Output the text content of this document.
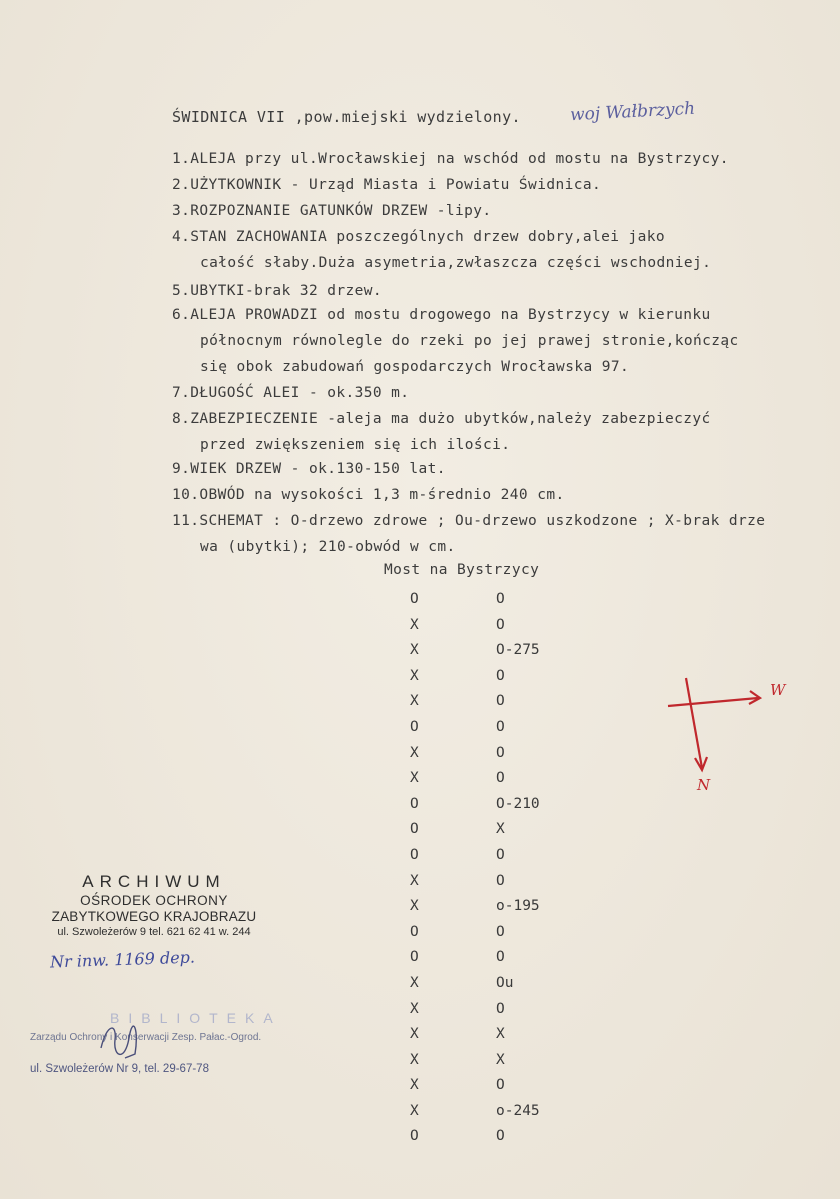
ŚWIDNICA VII ,pow.miejski wydzielony.	woj Wałbrzych
1.ALEJA przy ul.Wrocławskiej na wschód od mostu na Bystrzycy.
2.UŻYTKOWNIK - Urząd Miasta i Powiatu Świdnica.
3.ROZPOZNANIE GATUNKÓW DRZEW -lipy.
4.STAN ZACHOWANIA poszczególnych drzew dobry,alei jako
całość słaby.Duża asymetria,zwłaszcza części wschodniej.
5.UBYTKI-brak 32 drzew.
6.ALEJA PROWADZI od mostu drogowego na Bystrzycy w kierunku
północnym równolegle do rzeki po jej prawej stronie,kończąc
się obok zabudowań gospodarczych Wrocławska 97.
7.DŁUGOŚĆ ALEI - ok.350 m.
8.ZABEZPIECZENIE -aleja ma dużo ubytków,należy zabezpieczyć
przed zwiększeniem się ich ilości.
9.WIEK DRZEW - ok.130-150 lat.
10.OBWÓD na wysokości 1,3 m-średnio 240 cm.
11.SCHEMAT : O-drzewo zdrowe ; Ou-drzewo uszkodzone ; X-brak drze
wa (ubytki); 210-obwód w cm.
Most na Bystrzycy
O	O
X	O
X	O-275
X	O
X	O
O	O
X	O
X	O
O	O-210
O	X
O	O
X	O
X	o-195
O	O
O	O
X	Ou
X	O
X	X
X	X
X	O
X	o-245
O	O
W
N
ARCHIWUM
OŚRODEK OCHRONY
ZABYTKOWEGO KRAJOBRAZU
ul. Szwoleżerów 9 tel. 621 62 41 w. 244
Nr inw. 1169 dep.
BIBLIOTEKA
Zarządu Ochrony i Konserwacji Zesp. Pałac.-Ogrod.
ul. Szwoleżerów Nr 9, tel. 29-67-78
